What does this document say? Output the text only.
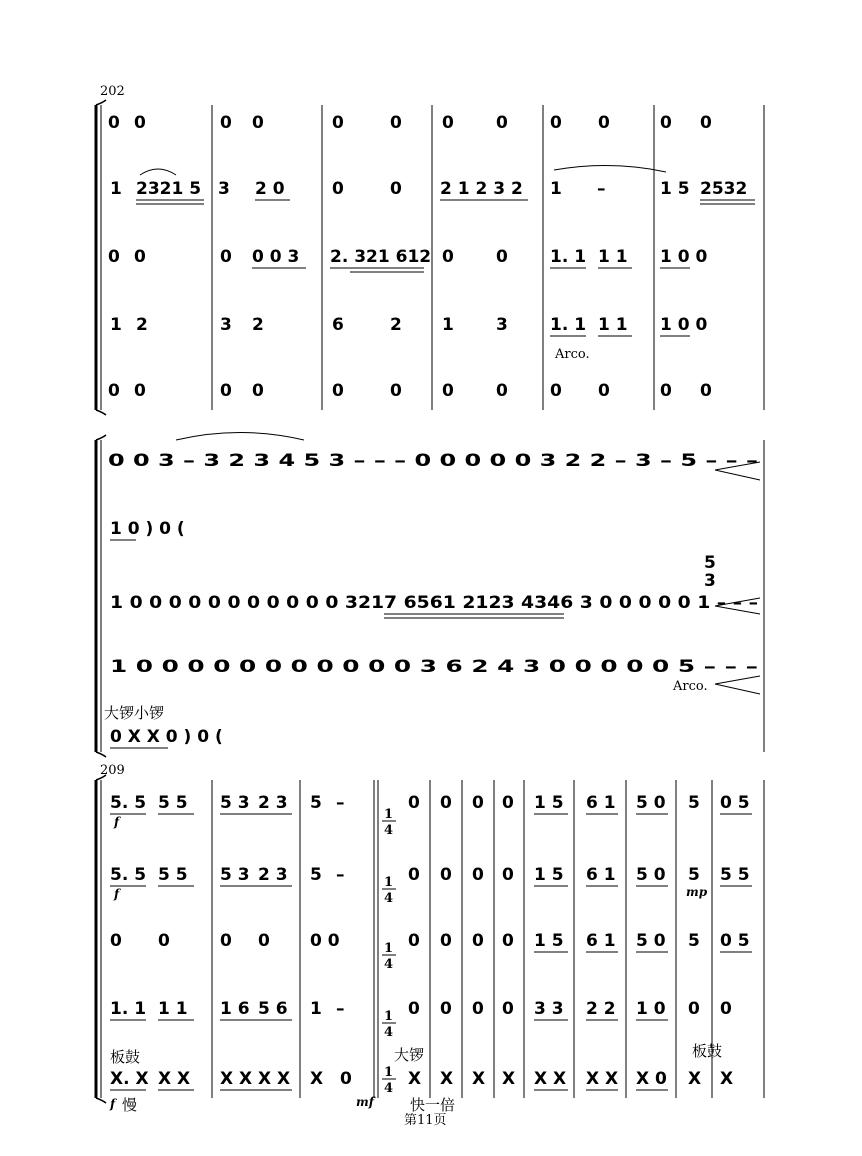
202
0 0	0 0	0	0 0 0 0 0	0 0
1 2321 5 3 2 0	0	0 2 1 2 3 2 1 –	1 5 2532
0 0	0 0 0 3 2. 321 612 0 0 1. 1 1 1 1 0 0
1 2	3 2	6	2 1 3 1. 1 1 1 1 0 0
Arco.
0 0	0 0	0	0 0 0 0 0	0 0
0 0 3 – 3 2 3 4 5 3 – – – 0 0 0 0 0 3 2 2 – 3 – 5 – – –
1 0 ) 0 (
5
3
1 0 0 0 0 0 0 0 0 0 0 0 3217 6561 2123 4346 3 0 0 0 0 0 1 – – –
1 0 0 0 0 0 0 0 0 0 0 0 3 6 2 4 3 0 0 0 0 0 5 – – –
Arco.
大锣小锣
0 X X 0 ) 0 (
209
1
4
1
4
1
4
1
4
1
4
5. 5 5 5 5 3 2 3 5 –	0 0 0 0 1 5 6 1 5 0 5 0 5
f
5. 5 5 5 5 3 2 3 5 –	0 0 0 0 1 5 6 1 5 0 5 5 5
f	mp
0 0	0 0 0 0	0 0 0 0 1 5 6 1 5 0 5 0 5
1. 1 1 1 1 6 5 6 1 –	0 0 0 0 3 3 2 2 1 0 0 0
板鼓	大锣	板鼓
X. X X X X X X X X 0	X X X X X X X X X 0 X X
f 慢	mf 快一倍
第11页
